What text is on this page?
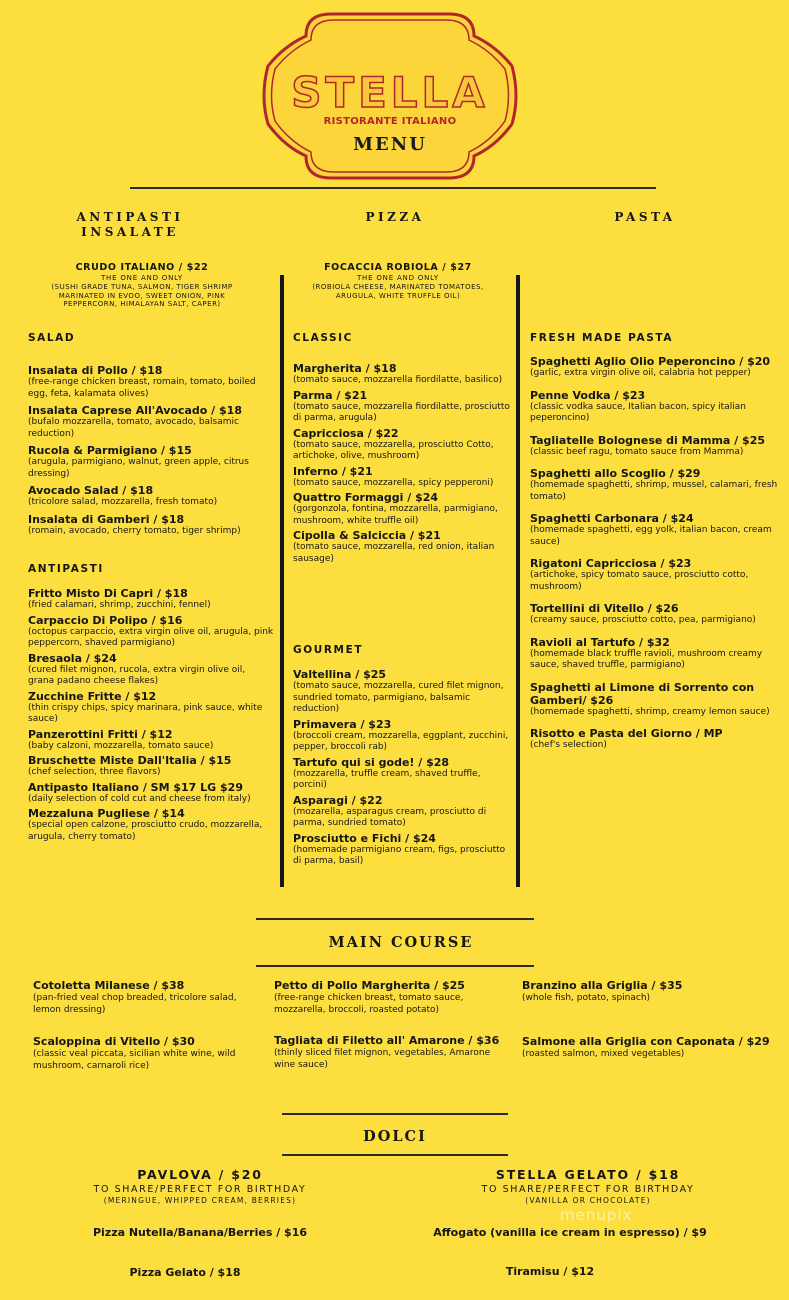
STELLA
RISTORANTE ITALIANO
MENU
ANTIPASTI
INSALATE
PIZZA	PASTA
CRUDO ITALIANO / $22
THE ONE AND ONLY
(SUSHI GRADE TUNA, SALMON, TIGER SHRIMP MARINATED IN EVOO, SWEET ONION, PINK PEPPERCORN, HIMALAYAN SALT, CAPER)
FOCACCIA ROBIOLA / $27
THE ONE AND ONLY
(ROBIOLA CHEESE, MARINATED TOMATOES, ARUGULA, WHITE TRUFFLE OIL)
SALAD
Insalata di Pollo / $18
(free-range chicken breast, romain, tomato, boiled egg, feta, kalamata olives)
Insalata Caprese All'Avocado / $18
(bufalo mozzarella, tomato, avocado, balsamic reduction)
Rucola & Parmigiano / $15
(arugula, parmigiano, walnut, green apple, citrus dressing)
Avocado Salad / $18
(tricolore salad, mozzarella, fresh tomato)
Insalata di Gamberi / $18
(romain, avocado, cherry tomato, tiger shrimp)
ANTIPASTI
Fritto Misto Di Capri / $18
(fried calamari, shrimp, zucchini, fennel)
Carpaccio Di Polipo / $16
(octopus carpaccio, extra virgin olive oil, arugula, pink peppercorn, shaved parmigiano)
Bresaola / $24
(cured filet mignon, rucola, extra virgin olive oil, grana padano cheese flakes)
Zucchine Fritte / $12
(thin crispy chips, spicy marinara, pink sauce, white sauce)
Panzerottini Fritti / $12
(baby calzoni, mozzarella, tomato sauce)
Bruschette Miste Dall'Italia / $15
(chef selection, three flavors)
Antipasto Italiano / SM $17 LG $29
(daily selection of cold cut and cheese from italy)
Mezzaluna Pugliese / $14
(special open calzone, prosciutto crudo, mozzarella, arugula, cherry tomato)
CLASSIC
Margherita / $18
(tomato sauce, mozzarella fiordilatte, basilico)
Parma / $21
(tomato sauce, mozzarella fiordilatte, prosciutto di parma, arugula)
Capricciosa / $22
(tomato sauce, mozzarella, prosciutto Cotto, artichoke, olive, mushroom)
Inferno / $21
(tomato sauce, mozzarella, spicy pepperoni)
Quattro Formaggi / $24
(gorgonzola, fontina, mozzarella, parmigiano, mushroom, white truffle oil)
Cipolla & Salciccia / $21
(tomato sauce, mozzarella, red onion, italian sausage)
GOURMET
Valtellina / $25
(tomato sauce, mozzarella, cured filet mignon, sundried tomato, parmigiano, balsamic reduction)
Primavera / $23
(broccoli cream, mozzarella, eggplant, zucchini, pepper, broccoli rab)
Tartufo qui si gode! / $28
(mozzarella, truffle cream, shaved truffle, porcini)
Asparagi / $22
(mozarella, asparagus cream, prosciutto di parma, sundried tomato)
Prosciutto e Fichi / $24
(homemade parmigiano cream, figs, prosciutto di parma, basil)
FRESH MADE PASTA
Spaghetti Aglio Olio Peperoncino / $20
(garlic, extra virgin olive oil, calabria hot pepper)
Penne Vodka / $23
(classic vodka sauce, Italian bacon, spicy italian peperoncino)
Tagliatelle Bolognese di Mamma / $25
(classic beef ragu, tomato sauce from Mamma)
Spaghetti allo Scoglio / $29
(homemade spaghetti, shrimp, mussel, calamari, fresh tomato)
Spaghetti Carbonara / $24
(homemade spaghetti, egg yolk, italian bacon, cream sauce)
Rigatoni Capricciosa / $23
(artichoke, spicy tomato sauce, prosciutto cotto, mushroom)
Tortellini di Vitello / $26
(creamy sauce, prosciutto cotto, pea, parmigiano)
Ravioli al Tartufo / $32
(homemade black truffle ravioli, mushroom creamy sauce, shaved truffle, parmigiano)
Spaghetti al Limone di Sorrento con Gamberi/ $26
(homemade spaghetti, shrimp, creamy lemon sauce)
Risotto e Pasta del Giorno / MP
(chef's selection)
MAIN COURSE
Cotoletta Milanese / $38
(pan-fried veal chop breaded, tricolore salad, lemon dressing)
Scaloppina di Vitello / $30
(classic veal piccata, sicilian white wine, wild mushroom, carnaroli rice)
Petto di Pollo Margherita / $25
(free-range chicken breast, tomato sauce, mozzarella, broccoli, roasted potato)
Tagliata di Filetto all' Amarone / $36
(thinly sliced filet mignon, vegetables, Amarone wine sauce)
Branzino alla Griglia / $35
(whole fish, potato, spinach)
Salmone alla Griglia con Caponata / $29
(roasted salmon, mixed vegetables)
DOLCI
PAVLOVA / $20
TO SHARE/PERFECT FOR BIRTHDAY
(MERINGUE, WHIPPED CREAM, BERRIES)
STELLA GELATO / $18
TO SHARE/PERFECT FOR BIRTHDAY
(VANILLA OR CHOCOLATE)
Pizza Nutella/Banana/Berries / $16	Affogato (vanilla ice cream in espresso) / $9
Pizza Gelato / $18	Tiramisu / $12
menupix
